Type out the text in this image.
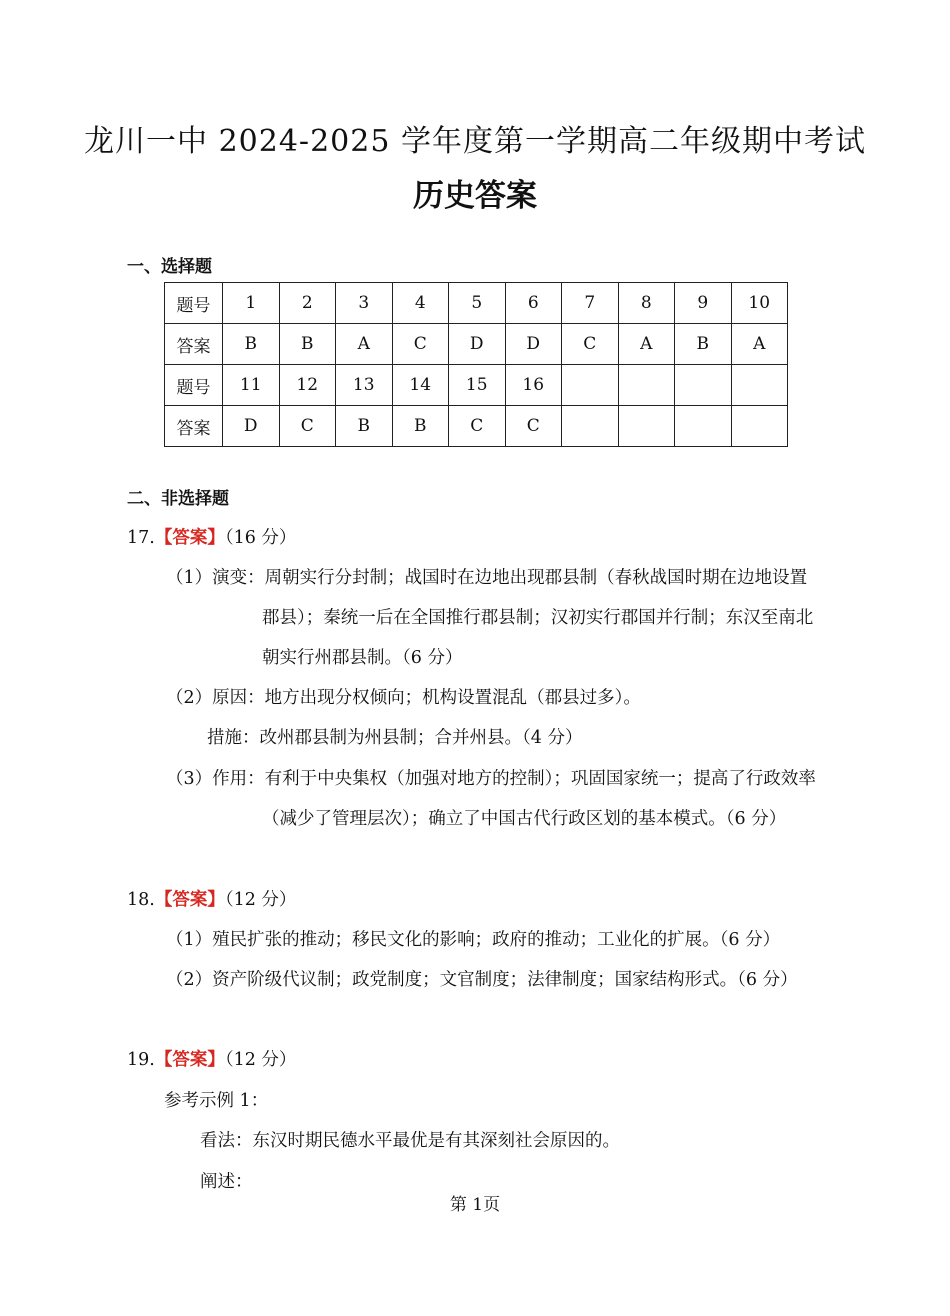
龙川一中 2024-2025 学年度第一学期高二年级期中考试
历史答案
一、选择题
题号	1	2	3	4	5	6	7	8	9	10
答案	B	B	A	C	D	D	C	A	B	A
题号	11	12	13	14	15	16				
答案	D	C	B	B	C	C				
二、非选择题
17.【答案】（16 分）
（1）演变：周朝实行分封制；战国时在边地出现郡县制（春秋战国时期在边地设置
郡县）；秦统一后在全国推行郡县制；汉初实行郡国并行制；东汉至南北
朝实行州郡县制。（6 分）
（2）原因：地方出现分权倾向；机构设置混乱（郡县过多）。
措施：改州郡县制为州县制；合并州县。（4 分）
（3）作用：有利于中央集权（加强对地方的控制）；巩固国家统一；提高了行政效率
（减少了管理层次）；确立了中国古代行政区划的基本模式。（6 分）
18.【答案】（12 分）
（1）殖民扩张的推动；移民文化的影响；政府的推动；工业化的扩展。（6 分）
（2）资产阶级代议制；政党制度；文官制度；法律制度；国家结构形式。（6 分）
19.【答案】（12 分）
参考示例 1：
看法：东汉时期民德水平最优是有其深刻社会原因的。
阐述：
第 1页
